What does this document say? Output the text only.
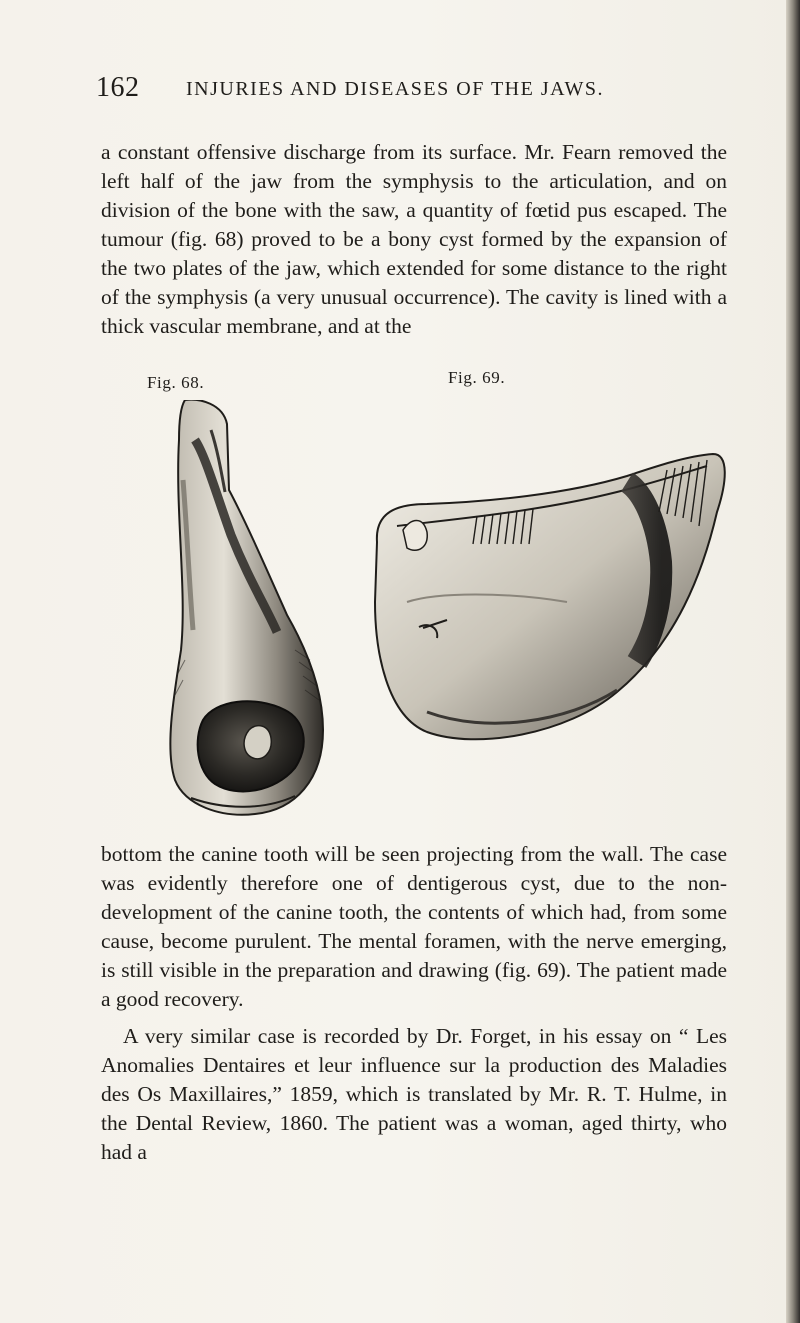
162 INJURIES AND DISEASES OF THE JAWS.

a constant offensive discharge from its surface. Mr. Fearn removed the left half of the jaw from the symphysis to the articulation, and on division of the bone with the saw, a quantity of fœtid pus escaped. The tumour (fig. 68) proved to be a bony cyst formed by the expansion of the two plates of the jaw, which extended for some distance to the right of the symphysis (a very unusual occurrence). The cavity is lined with a thick vascular membrane, and at the

Fig. 68.	Fig. 69.

bottom the canine tooth will be seen projecting from the wall. The case was evidently therefore one of dentigerous cyst, due to the non-development of the canine tooth, the contents of which had, from some cause, become purulent. The mental foramen, with the nerve emerging, is still visible in the preparation and drawing (fig. 69). The patient made a good recovery.

A very similar case is recorded by Dr. Forget, in his essay on “ Les Anomalies Dentaires et leur influence sur la production des Maladies des Os Maxillaires,” 1859, which is translated by Mr. R. T. Hulme, in the Dental Review, 1860. The patient was a woman, aged thirty, who had a
